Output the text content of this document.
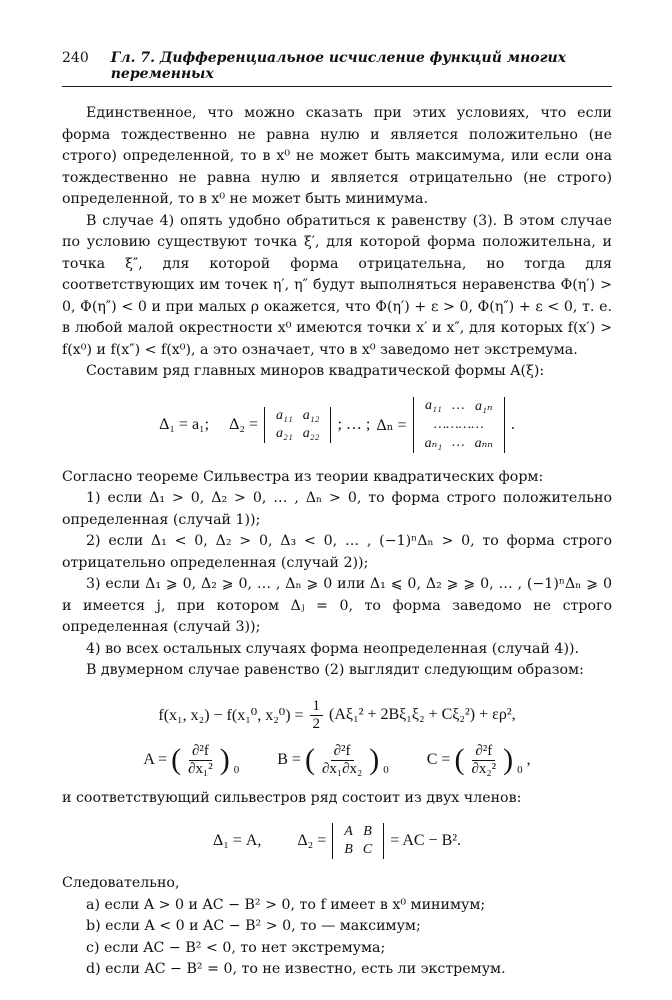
240 Гл. 7. Дифференциальное исчисление функций многих переменных

Единственное, что можно сказать при этих условиях, что если форма тождественно не равна нулю и является положительно (не строго) определенной, то в x⁰ не может быть максимума, или если она тождественно не равна нулю и является отрицательно (не строго) определенной, то в x⁰ не может быть минимума.

В случае 4) опять удобно обратиться к равенству (3). В этом случае по условию существуют точка ξ′, для которой форма положительна, и точка ξ″, для которой форма отрицательна, но тогда для соответствующих им точек η′, η″ будут выполняться неравенства Φ(η′) > 0, Φ(η″) < 0 и при малых ρ окажется, что Φ(η′) + ε > 0, Φ(η″) + ε < 0, т. е. в любой малой окрестности x⁰ имеются точки x′ и x″, для которых f(x′) > f(x⁰) и f(x″) < f(x⁰), а это означает, что в x⁰ заведомо нет экстремума.

Составим ряд главных миноров квадратической формы A(ξ):

Δ₁ = a₁; Δ₂ =
a₁₁	a₁₂
a₂₁	a₂₂
; … ; Δₙ =
a₁₁	…	a₁ₙ
…………		
aₙ₁	…	aₙₙ
.

Согласно теореме Сильвестра из теории квадратических форм:

1) если Δ₁ > 0, Δ₂ > 0, … , Δₙ > 0, то форма строго положительно определенная (случай 1));

2) если Δ₁ < 0, Δ₂ > 0, Δ₃ < 0, … , (−1)ⁿΔₙ > 0, то форма строго отрицательно определенная (случай 2));

3) если Δ₁ ⩾ 0, Δ₂ ⩾ 0, … , Δₙ ⩾ 0 или Δ₁ ⩽ 0, Δ₂ ⩾ ⩾ 0, … , (−1)ⁿΔₙ ⩾ 0 и имеется j, при котором Δⱼ = 0, то форма заведомо не строго определенная (случай 3));

4) во всех остальных случаях форма неопределенная (случай 4)).

В двумерном случае равенство (2) выглядит следующим образом:

f(x₁, x₂) − f(x₁⁰, $x_2^0) = \frac{1}{2} (A\xi_1^2 + 2B\xi_1\xi_2 + C\xi_2^2) + \varepsilon\rho^2$,
A = ( $\frac{\text{∂²f}}{\text{∂x₁²}}$ ) 0
B = ( $\frac{\text{∂²f}}{\text{∂x₁∂x₂}}$ ) 0
C = ( $\frac{\text{∂²f}}{\text{∂x₂²}}$ ) 0
,

и соответствующий сильвестров ряд состоит из двух членов:

Δ₁ = A, Δ₂ =
A	B
B	C
= AC − B².

Следовательно,

a) если A > 0 и AC − B² > 0, то f имеет в x⁰ минимум;

b) если A < 0 и AC − B² > 0, то — максимум;

c) если AC − B² < 0, то нет экстремума;

d) если AC − B² = 0, то не известно, есть ли экстремум.
